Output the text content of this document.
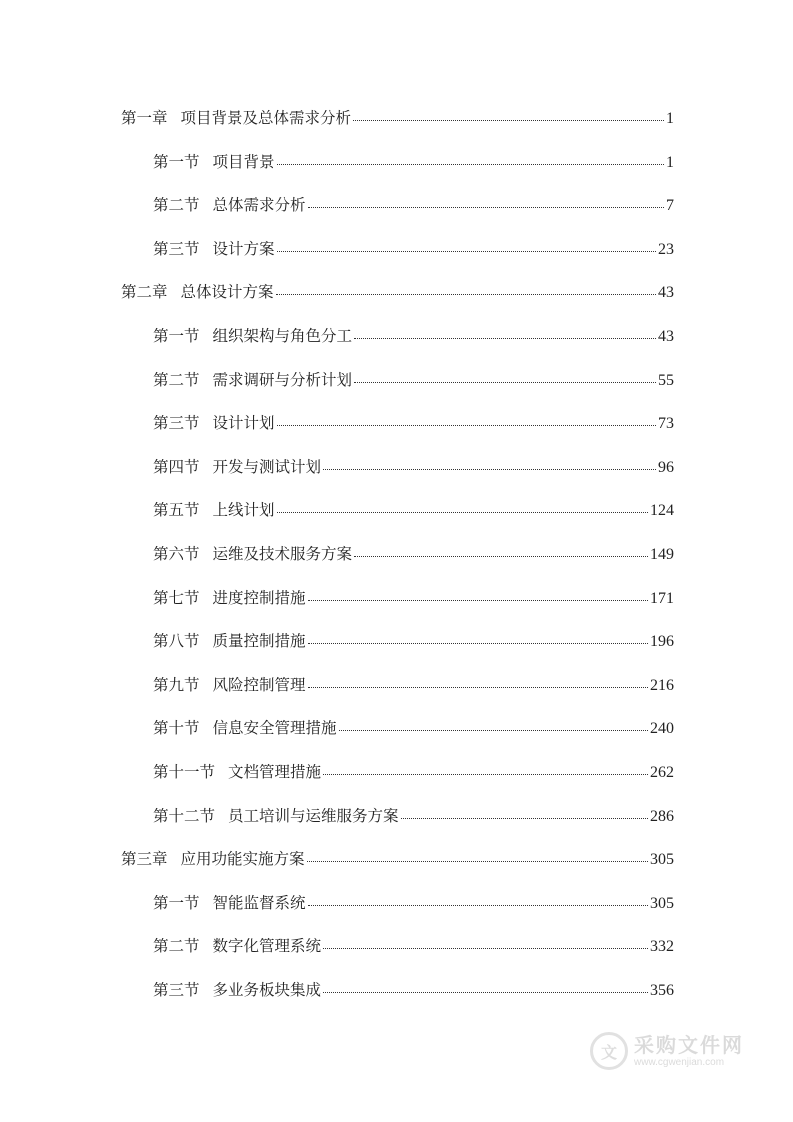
第一章 项目背景及总体需求分析	1
第一节 项目背景	1
第二节 总体需求分析	7
第三节 设计方案	23
第二章 总体设计方案	43
第一节 组织架构与角色分工	43
第二节 需求调研与分析计划	55
第三节 设计计划	73
第四节 开发与测试计划	96
第五节 上线计划	124
第六节 运维及技术服务方案	149
第七节 进度控制措施	171
第八节 质量控制措施	196
第九节 风险控制管理	216
第十节 信息安全管理措施	240
第十一节 文档管理措施	262
第十二节 员工培训与运维服务方案	286
第三章 应用功能实施方案	305
第一节 智能监督系统	305
第二节 数字化管理系统	332
第三节 多业务板块集成	356
文 采购文件网
www.cgwenjian.com
